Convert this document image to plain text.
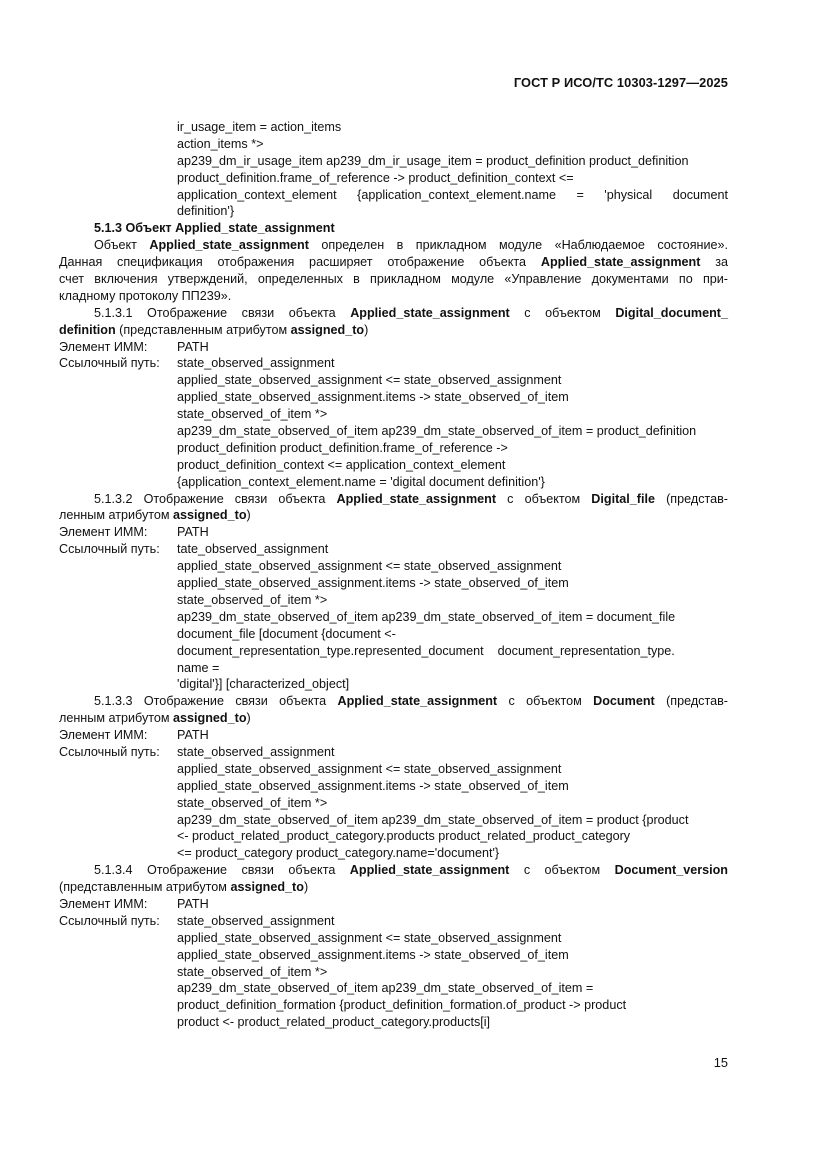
ГОСТ Р ИСО/ТС 10303-1297—2025
ir_usage_item = action_items
action_items *>
ap239_dm_ir_usage_item ap239_dm_ir_usage_item = product_definition product_definition
product_definition.frame_of_reference -> product_definition_context <=
application_context_element {application_context_element.name = 'physical document
definition'}
5.1.3 Объект Applied_state_assignment
Объект Applied_state_assignment определен в прикладном модуле «Наблюдаемое состояние».
Данная спецификация отображения расширяет отображение объекта Applied_state_assignment за
счет включения утверждений, определенных в прикладном модуле «Управление документами по при-
кладному протоколу ПП239».
5.1.3.1 Отображение связи объекта Applied_state_assignment с объектом Digital_document_
definition (представленным атрибутом assigned_to)
Элемент ИММ:	PATH
Ссылочный путь:	state_observed_assignment
applied_state_observed_assignment <= state_observed_assignment
applied_state_observed_assignment.items -> state_observed_of_item
state_observed_of_item *>
ap239_dm_state_observed_of_item ap239_dm_state_observed_of_item = product_definition
product_definition product_definition.frame_of_reference ->
product_definition_context <= application_context_element
{application_context_element.name = 'digital document definition'}
5.1.3.2 Отображение связи объекта Applied_state_assignment с объектом Digital_file (представ-
ленным атрибутом assigned_to)
Элемент ИММ:	PATH
Ссылочный путь:	tate_observed_assignment
applied_state_observed_assignment <= state_observed_assignment
applied_state_observed_assignment.items -> state_observed_of_item
state_observed_of_item *>
ap239_dm_state_observed_of_item ap239_dm_state_observed_of_item = document_file
document_file [document {document <-
document_representation_type.represented_document    document_representation_type.
name =
'digital'}] [characterized_object]
5.1.3.3 Отображение связи объекта Applied_state_assignment с объектом Document (представ-
ленным атрибутом assigned_to)
Элемент ИММ:	PATH
Ссылочный путь:	state_observed_assignment
applied_state_observed_assignment <= state_observed_assignment
applied_state_observed_assignment.items -> state_observed_of_item
state_observed_of_item *>
ap239_dm_state_observed_of_item ap239_dm_state_observed_of_item = product {product
<- product_related_product_category.products product_related_product_category
<= product_category product_category.name='document'}
5.1.3.4 Отображение связи объекта Applied_state_assignment с объектом Document_version
(представленным атрибутом assigned_to)
Элемент ИММ:	PATH
Ссылочный путь:	state_observed_assignment
applied_state_observed_assignment <= state_observed_assignment
applied_state_observed_assignment.items -> state_observed_of_item
state_observed_of_item *>
ap239_dm_state_observed_of_item ap239_dm_state_observed_of_item =
product_definition_formation {product_definition_formation.of_product -> product
product <- product_related_product_category.products[i]
15
